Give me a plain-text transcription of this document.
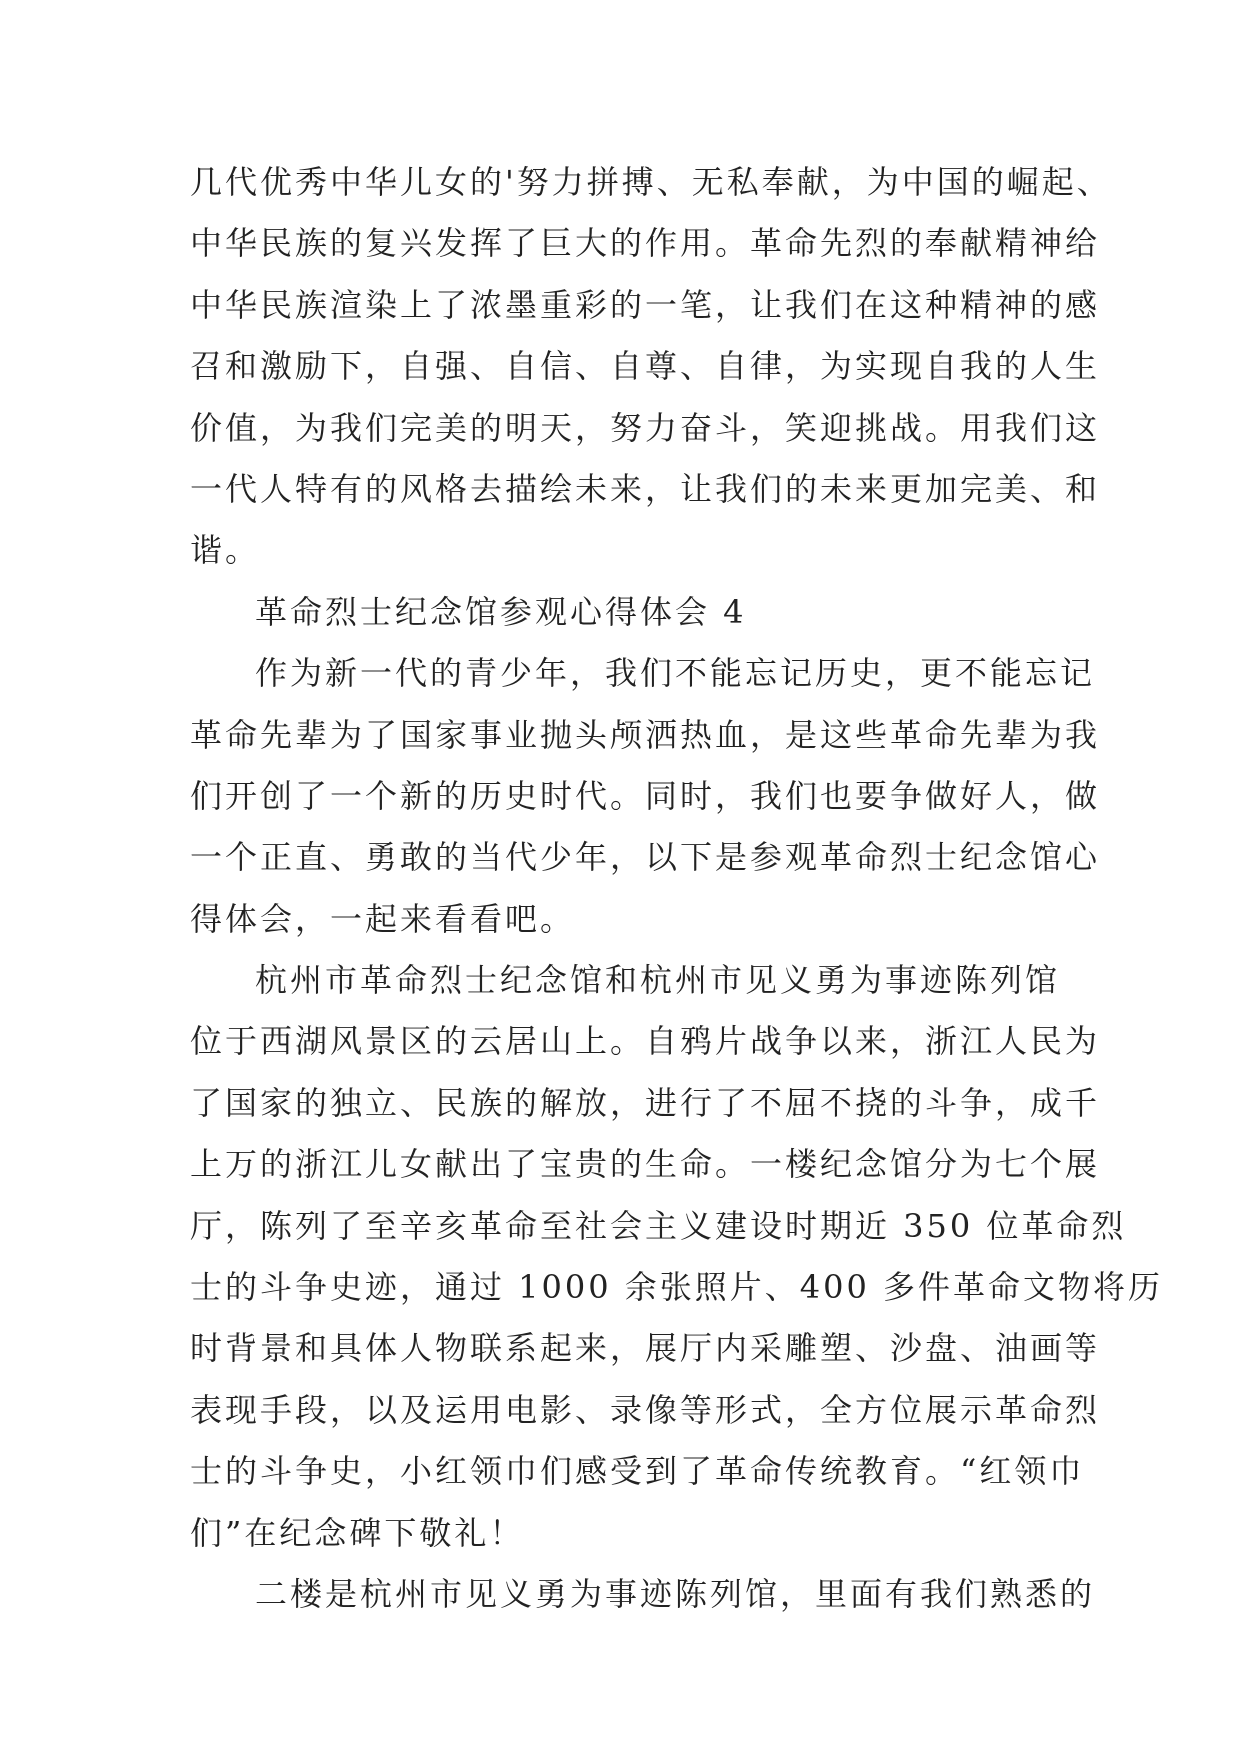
几代优秀中华儿女的'努力拼搏、无私奉献，为中国的崛起、
中华民族的复兴发挥了巨大的作用。革命先烈的奉献精神给
中华民族渲染上了浓墨重彩的一笔，让我们在这种精神的感
召和激励下，自强、自信、自尊、自律，为实现自我的人生
价值，为我们完美的明天，努力奋斗，笑迎挑战。用我们这
一代人特有的风格去描绘未来，让我们的未来更加完美、和
谐。
革命烈士纪念馆参观心得体会 4
作为新一代的青少年，我们不能忘记历史，更不能忘记
革命先辈为了国家事业抛头颅洒热血，是这些革命先辈为我
们开创了一个新的历史时代。同时，我们也要争做好人，做
一个正直、勇敢的当代少年，以下是参观革命烈士纪念馆心
得体会，一起来看看吧。
杭州市革命烈士纪念馆和杭州市见义勇为事迹陈列馆
位于西湖风景区的云居山上。自鸦片战争以来，浙江人民为
了国家的独立、民族的解放，进行了不屈不挠的斗争，成千
上万的浙江儿女献出了宝贵的生命。一楼纪念馆分为七个展
厅，陈列了至辛亥革命至社会主义建设时期近 350 位革命烈
士的斗争史迹，通过 1000 余张照片、400 多件革命文物将历
时背景和具体人物联系起来，展厅内采雕塑、沙盘、油画等
表现手段，以及运用电影、录像等形式，全方位展示革命烈
士的斗争史，小红领巾们感受到了革命传统教育。“红领巾
们”在纪念碑下敬礼！
二楼是杭州市见义勇为事迹陈列馆，里面有我们熟悉的
